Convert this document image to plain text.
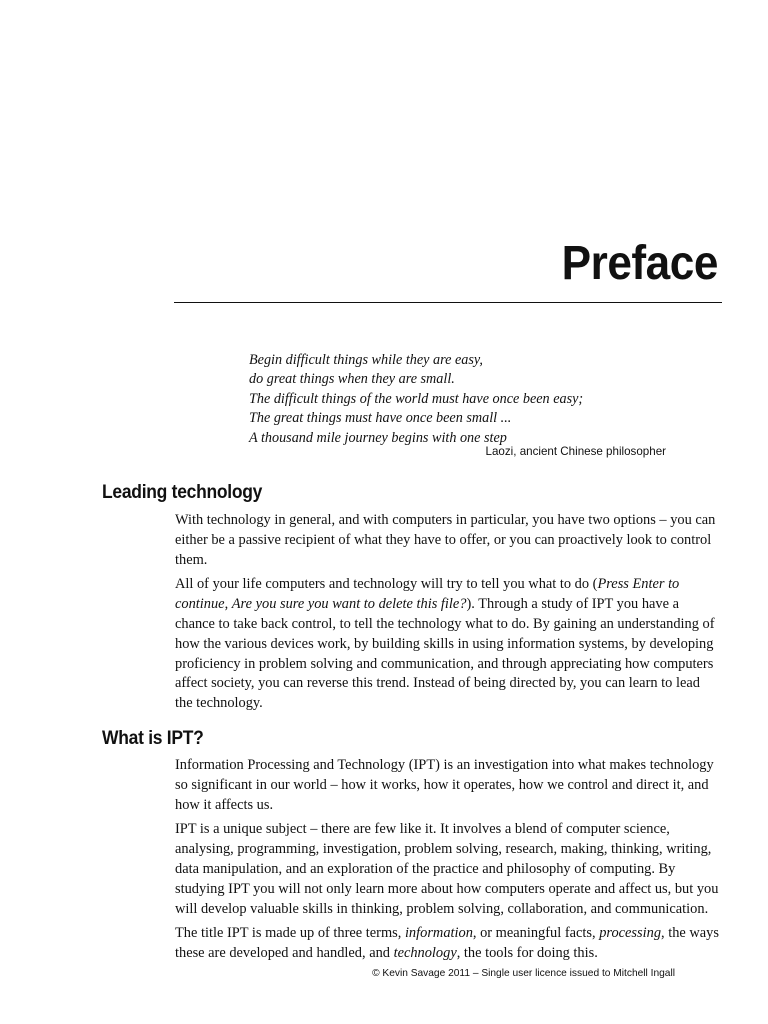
Preface
Begin difficult things while they are easy,
do great things when they are small.
The difficult things of the world must have once been easy;
The great things must have once been small ...
A thousand mile journey begins with one step
Laozi, ancient Chinese philosopher
Leading technology

With technology in general, and with computers in particular, you have two options – you can either be a passive recipient of what they have to offer, or you can proactively look to control them.

All of your life computers and technology will try to tell you what to do (Press Enter to continue, Are you sure you want to delete this file?). Through a study of IPT you have a chance to take back control, to tell the technology what to do. By gaining an understanding of how the various devices work, by building skills in using information systems, by developing proficiency in problem solving and communication, and through appreciating how computers affect society, you can reverse this trend. Instead of being directed by, you can learn to lead the technology.

What is IPT?

Information Processing and Technology (IPT) is an investigation into what makes technology so significant in our world – how it works, how it operates, how we control and direct it, and how it affects us.

IPT is a unique subject – there are few like it. It involves a blend of computer science, analysing, programming, investigation, problem solving, research, making, thinking, writing, data manipulation, and an exploration of the practice and philosophy of computing. By studying IPT you will not only learn more about how computers operate and affect us, but you will develop valuable skills in thinking, problem solving, collaboration, and communication.

The title IPT is made up of three terms, information, or meaningful facts, processing, the ways these are developed and handled, and technology, the tools for doing this.

© Kevin Savage 2011 – Single user licence issued to Mitchell Ingall
